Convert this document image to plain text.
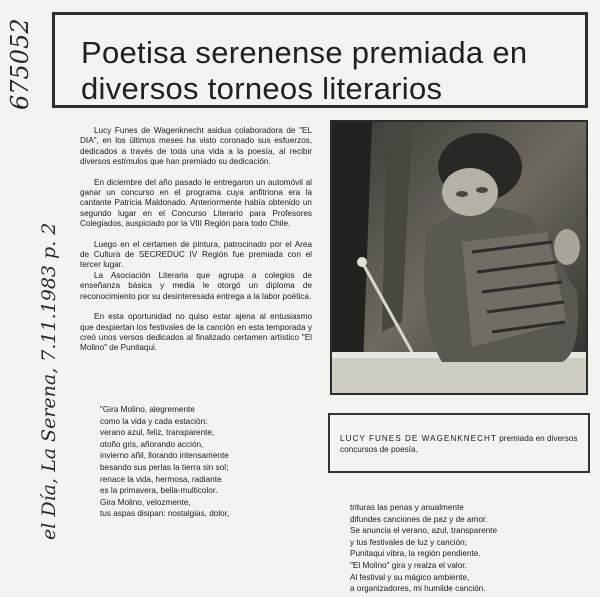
675052
el Día, La Serena, 7.11.1983 p. 2
Poetisa serenense premiada en
diversos torneos literarios

Lucy Funes de Wagenknecht asidua colaboradora de "EL DIA", en los últimos meses ha visto coronado sus esfuerzos, dedicados a través de toda una vida a la poesía, al recibir diversos estímulos que han premiado su dedicación.

En diciembre del año pasado le entregaron un automóvil al ganar un concurso en el programa cuya anfitriona era la cantante Patricia Maldonado. Anteriormente había obtenido un segundo lugar en el Concurso Literario para Profesores Colegiados, auspiciado por la VIII Región para todo Chile.

Luego en el certamen de pintura, patrocinado por el Area de Cultura de SECREDUC IV Región fue premiada con el tercer lugar.

La Asociación Literaria que agrupa a colegios de enseñanza básica y media le otorgó un diploma de reconocimiento por su desinteresada entrega a la labor poética.

En esta oportunidad no quiso estar ajena al entusiasmo que despiertan los festivales de la canción en esta temporada y creó unos versos dedicados al finalizado certamen artístico "El Molino" de Punitaqui.

"Gira Molino, alegremente
como la vida y cada estación:
verano azul, feliz, transparente,
otoño gris, añorando acción,
invierno añil, llorando intensamente
besando sus perlas la tierra sin sol;
renace la vida, hermosa, radiante
es la primavera, bella-multicolor.
Gira Molino, velozmente,
tus aspas disipan: nostalgias, dolor,
LUCY FUNES DE WAGENKNECHT premiada en diversos concursos de poesía.
trituras las penas y anualmente
difundes canciones de paz y de amor.
Se anuncia el verano, azul, transparente
y tus festivales de luz y canción;
Punitaqui vibra, la región pendiente.
"El Molino" gira y realza el valor.
Al festival y su mágico ambiente,
a organizadores, mi humilde canción.
